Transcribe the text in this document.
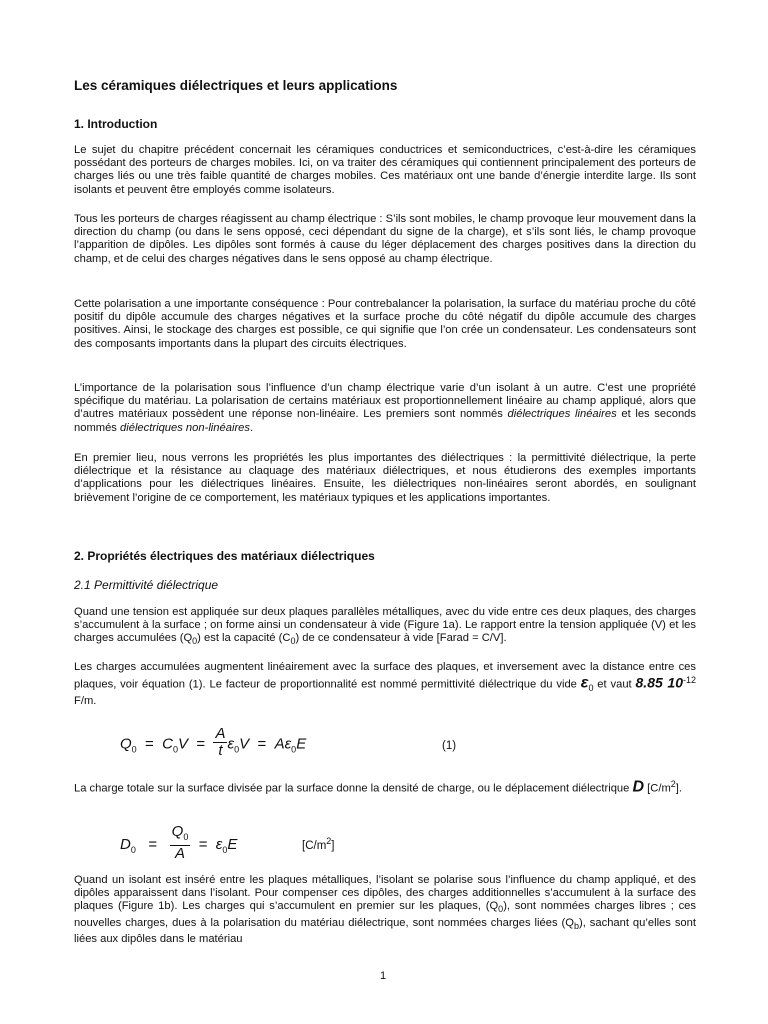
Les céramiques diélectriques et leurs applications
1. Introduction
Le sujet du chapitre précédent concernait les céramiques conductrices et semiconductrices, c’est-à-dire les céramiques possédant des porteurs de charges mobiles. Ici, on va traiter des céramiques qui contiennent principalement des porteurs de charges liés ou une très faible quantité de charges mobiles. Ces matériaux ont une bande d’énergie interdite large. Ils sont isolants et peuvent être employés comme isolateurs.
Tous les porteurs de charges réagissent au champ électrique : S’ils sont mobiles, le champ provoque leur mouvement dans la direction du champ (ou dans le sens opposé, ceci dépendant du signe de la charge), et s’ils sont liés, le champ provoque l’apparition de dipôles. Les dipôles sont formés à cause du léger déplacement des charges positives dans la direction du champ, et de celui des charges négatives dans le sens opposé au champ électrique.
Cette polarisation a une importante conséquence : Pour contrebalancer la polarisation, la surface du matériau proche du côté positif du dipôle accumule des charges négatives et la surface proche du côté négatif du dipôle accumule des charges positives. Ainsi, le stockage des charges est possible, ce qui signifie que l’on crée un condensateur. Les condensateurs sont des composants importants dans la plupart des circuits électriques.
L’importance de la polarisation sous l’influence d’un champ électrique varie d’un isolant à un autre. C’est une propriété spécifique du matériau. La polarisation de certains matériaux est proportionnellement linéaire au champ appliqué, alors que d’autres matériaux possèdent une réponse non-linéaire. Les premiers sont nommés diélectriques linéaires et les seconds nommés diélectriques non-linéaires.
En premier lieu, nous verrons les propriétés les plus importantes des diélectriques : la permittivité diélectrique, la perte diélectrique et la résistance au claquage des matériaux diélectriques, et nous étudierons des exemples importants d’applications pour les diélectriques linéaires. Ensuite, les diélectriques non-linéaires seront abordés, en soulignant brièvement l’origine de ce comportement, les matériaux typiques et les applications importantes.
2. Propriétés électriques des matériaux diélectriques
2.1 Permittivité diélectrique
Quand une tension est appliquée sur deux plaques parallèles métalliques, avec du vide entre ces deux plaques, des charges s’accumulent à la surface ; on forme ainsi un condensateur à vide (Figure 1a). Le rapport entre la tension appliquée (V) et les charges accumulées $(Q_0)$ est la capacité $(C_0)$ de ce condensateur à vide [Farad = C/V].
Les charges accumulées augmentent linéairement avec la surface des plaques, et inversement avec la distance entre ces plaques, voir équation (1). Le facteur de proportionnalité est nommé permittivité diélectrique du vide $\varepsilon_0$ et vaut 8.85 $10^{-12}$ F/m.
$Q_0 = C_0V = \frac{A}{t} \varepsilon_0V = A\varepsilon_0E$	(1)
La charge totale sur la surface divisée par la surface donne la densité de charge, ou le déplacement diélectrique D $[C/m^2]$.
$D_0 = \frac{Q_0}{A} = \varepsilon_0E$	$[C/m^2]$
Quand un isolant est inséré entre les plaques métalliques, l’isolant se polarise sous l’influence du champ appliqué, et des dipôles apparaissent dans l’isolant. Pour compenser ces dipôles, des charges additionnelles s’accumulent à la surface des plaques (Figure 1b). Les charges qui s’accumulent en premier sur les plaques, $(Q_0)$, sont nommées charges libres ; ces nouvelles charges, dues à la polarisation du matériau diélectrique, sont nommées charges liées $(Q_b)$, sachant qu’elles sont liées aux dipôles dans le matériau
1
